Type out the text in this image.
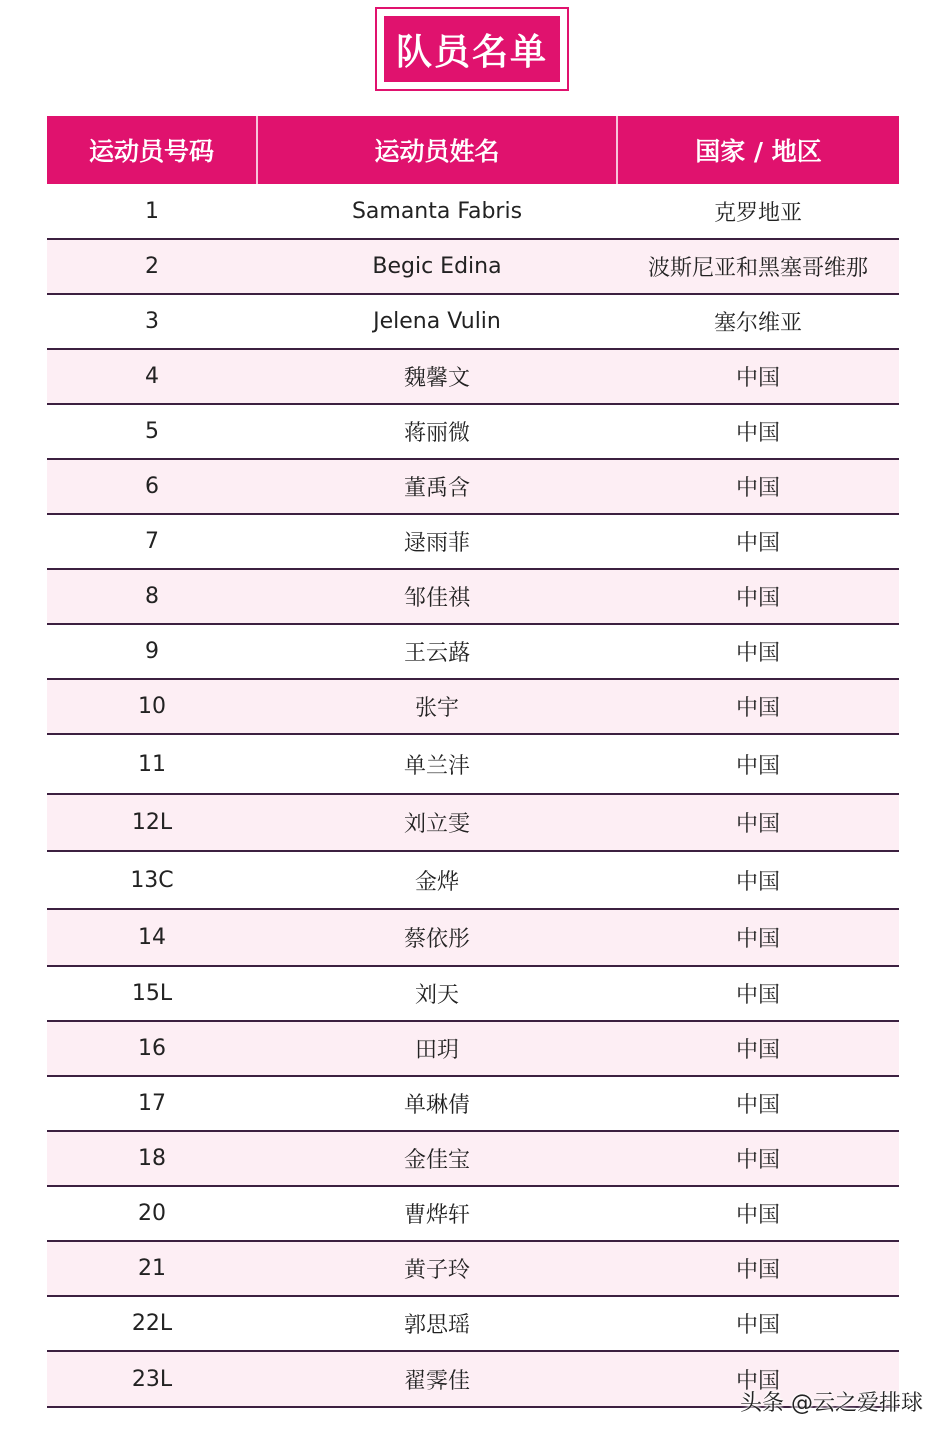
队员名单
运动员号码	运动员姓名	国家 / 地区
1	Samanta Fabris	克罗地亚
2	Begic Edina	波斯尼亚和黑塞哥维那
3	Jelena Vulin	塞尔维亚
4	魏馨文	中国
5	蒋丽微	中国
6	董禹含	中国
7	逯雨菲	中国
8	邹佳祺	中国
9	王云蕗	中国
10	张宇	中国
11	单兰沣	中国
12L	刘立雯	中国
13C	金烨	中国
14	蔡依彤	中国
15L	刘天	中国
16	田玥	中国
17	单琳倩	中国
18	金佳宝	中国
20	曹烨轩	中国
21	黄子玲	中国
22L	郭思瑶	中国
23L	翟霁佳	中国
头条 @云之爱排球
